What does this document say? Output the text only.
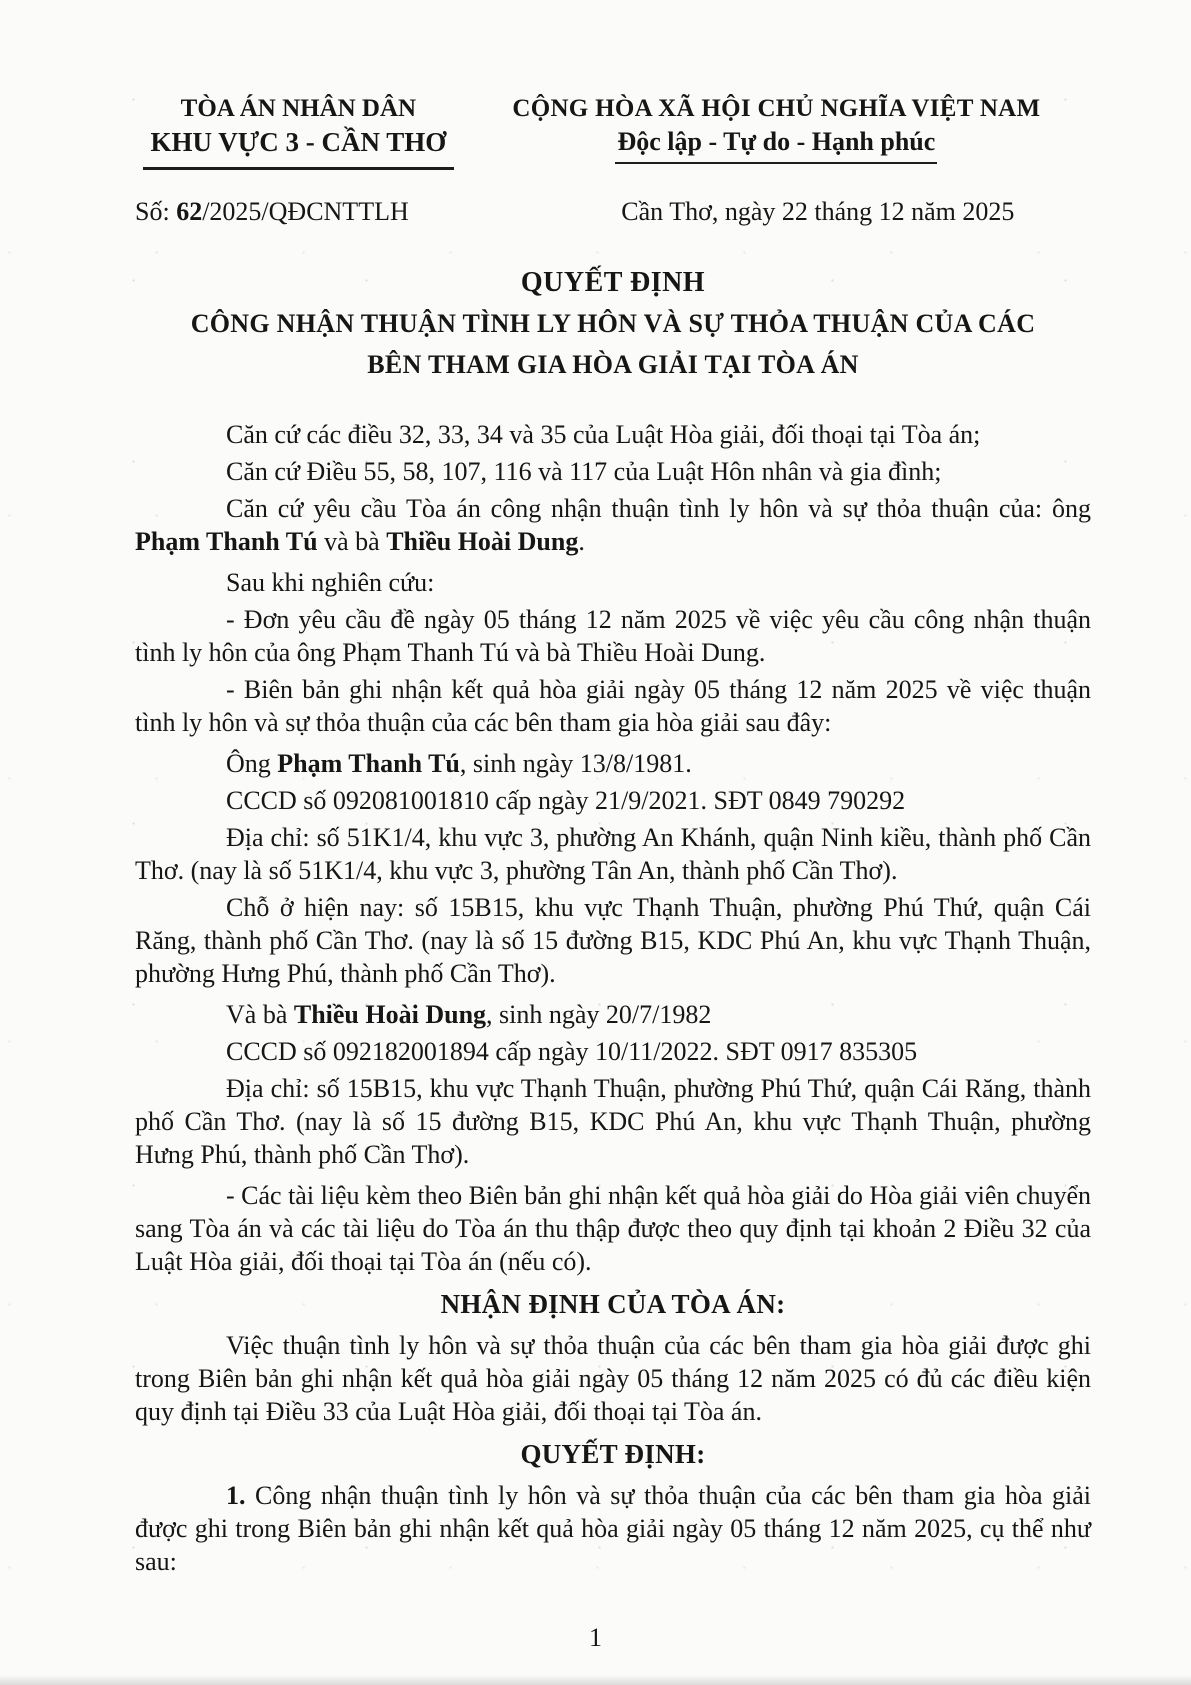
TÒA ÁN NHÂN DÂN
KHU VỰC 3 - CẦN THƠ
CỘNG HÒA XÃ HỘI CHỦ NGHĨA VIỆT NAM
Độc lập - Tự do - Hạnh phúc
Số: 62/2025/QĐCNTTLH	Cần Thơ, ngày 22 tháng 12 năm 2025
QUYẾT ĐỊNH
CÔNG NHẬN THUẬN TÌNH LY HÔN VÀ SỰ THỎA THUẬN CỦA CÁC
BÊN THAM GIA HÒA GIẢI TẠI TÒA ÁN

Căn cứ các điều 32, 33, 34 và 35 của Luật Hòa giải, đối thoại tại Tòa án;

Căn cứ Điều 55, 58, 107, 116 và 117 của Luật Hôn nhân và gia đình;

Căn cứ yêu cầu Tòa án công nhận thuận tình ly hôn và sự thỏa thuận của: ông Phạm Thanh Tú và bà Thiều Hoài Dung.

Sau khi nghiên cứu:

- Đơn yêu cầu đề ngày 05 tháng 12 năm 2025 về việc yêu cầu công nhận thuận tình ly hôn của ông Phạm Thanh Tú và bà Thiều Hoài Dung.

- Biên bản ghi nhận kết quả hòa giải ngày 05 tháng 12 năm 2025 về việc thuận tình ly hôn và sự thỏa thuận của các bên tham gia hòa giải sau đây:

Ông Phạm Thanh Tú, sinh ngày 13/8/1981.

CCCD số 092081001810 cấp ngày 21/9/2021. SĐT 0849 790292

Địa chỉ: số 51K1/4, khu vực 3, phường An Khánh, quận Ninh kiều, thành phố Cần Thơ. (nay là số 51K1/4, khu vực 3, phường Tân An, thành phố Cần Thơ).

Chỗ ở hiện nay: số 15B15, khu vực Thạnh Thuận, phường Phú Thứ, quận Cái Răng, thành phố Cần Thơ. (nay là số 15 đường B15, KDC Phú An, khu vực Thạnh Thuận, phường Hưng Phú, thành phố Cần Thơ).

Và bà Thiều Hoài Dung, sinh ngày 20/7/1982

CCCD số 092182001894 cấp ngày 10/11/2022. SĐT 0917 835305

Địa chỉ: số 15B15, khu vực Thạnh Thuận, phường Phú Thứ, quận Cái Răng, thành phố Cần Thơ. (nay là số 15 đường B15, KDC Phú An, khu vực Thạnh Thuận, phường Hưng Phú, thành phố Cần Thơ).

- Các tài liệu kèm theo Biên bản ghi nhận kết quả hòa giải do Hòa giải viên chuyển sang Tòa án và các tài liệu do Tòa án thu thập được theo quy định tại khoản 2 Điều 32 của Luật Hòa giải, đối thoại tại Tòa án (nếu có).

NHẬN ĐỊNH CỦA TÒA ÁN:

Việc thuận tình ly hôn và sự thỏa thuận của các bên tham gia hòa giải được ghi trong Biên bản ghi nhận kết quả hòa giải ngày 05 tháng 12 năm 2025 có đủ các điều kiện quy định tại Điều 33 của Luật Hòa giải, đối thoại tại Tòa án.

QUYẾT ĐỊNH:

1. Công nhận thuận tình ly hôn và sự thỏa thuận của các bên tham gia hòa giải được ghi trong Biên bản ghi nhận kết quả hòa giải ngày 05 tháng 12 năm 2025, cụ thể như sau:

1
